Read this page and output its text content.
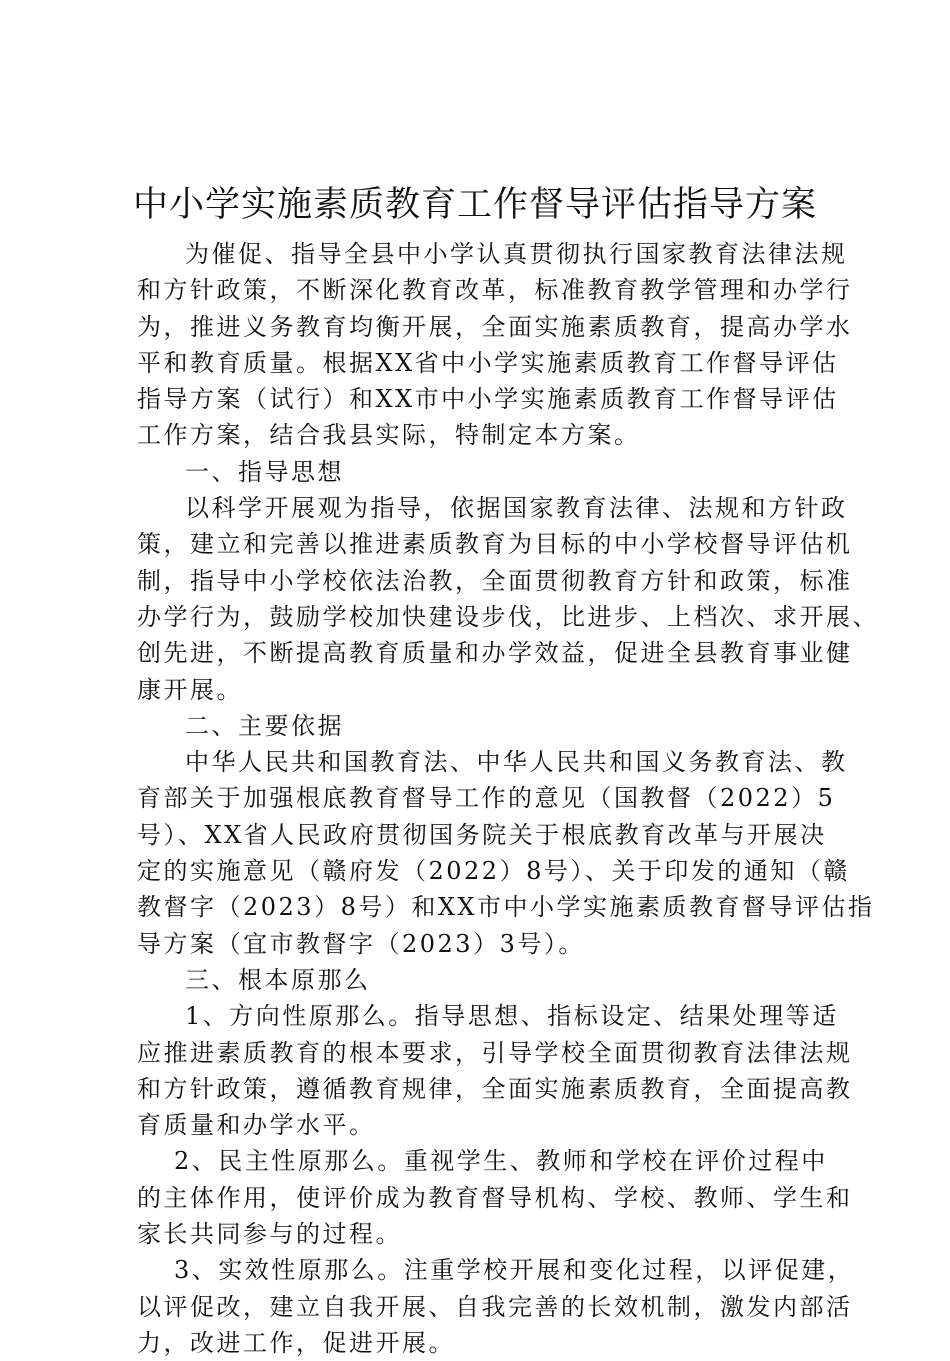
中小学实施素质教育工作督导评估指导方案

为催促、指导全县中小学认真贯彻执行国家教育法律法规

和方针政策，不断深化教育改革，标准教育教学管理和办学行

为，推进义务教育均衡开展，全面实施素质教育，提高办学水

平和教育质量。根据XX省中小学实施素质教育工作督导评估

指导方案（试行）和XX市中小学实施素质教育工作督导评估

工作方案，结合我县实际，特制定本方案。

一、指导思想

以科学开展观为指导，依据国家教育法律、法规和方针政

策，建立和完善以推进素质教育为目标的中小学校督导评估机

制，指导中小学校依法治教，全面贯彻教育方针和政策，标准

办学行为，鼓励学校加快建设步伐，比进步、上档次、求开展、

创先进，不断提高教育质量和办学效益，促进全县教育事业健

康开展。

二、主要依据

中华人民共和国教育法、中华人民共和国义务教育法、教

育部关于加强根底教育督导工作的意见（国教督（2022）5

号）、XX省人民政府贯彻国务院关于根底教育改革与开展决

定的实施意见（赣府发（2022）8号）、关于印发的通知（赣

教督字（2023）8号）和XX市中小学实施素质教育督导评估指

导方案（宜市教督字（2023）3号）。

三、根本原那么

1、方向性原那么。指导思想、指标设定、结果处理等适

应推进素质教育的根本要求，引导学校全面贯彻教育法律法规

和方针政策，遵循教育规律，全面实施素质教育，全面提高教

育质量和办学水平。

2、民主性原那么。重视学生、教师和学校在评价过程中

的主体作用，使评价成为教育督导机构、学校、教师、学生和

家长共同参与的过程。

3、实效性原那么。注重学校开展和变化过程，以评促建，

以评促改，建立自我开展、自我完善的长效机制，激发内部活

力，改进工作，促进开展。
